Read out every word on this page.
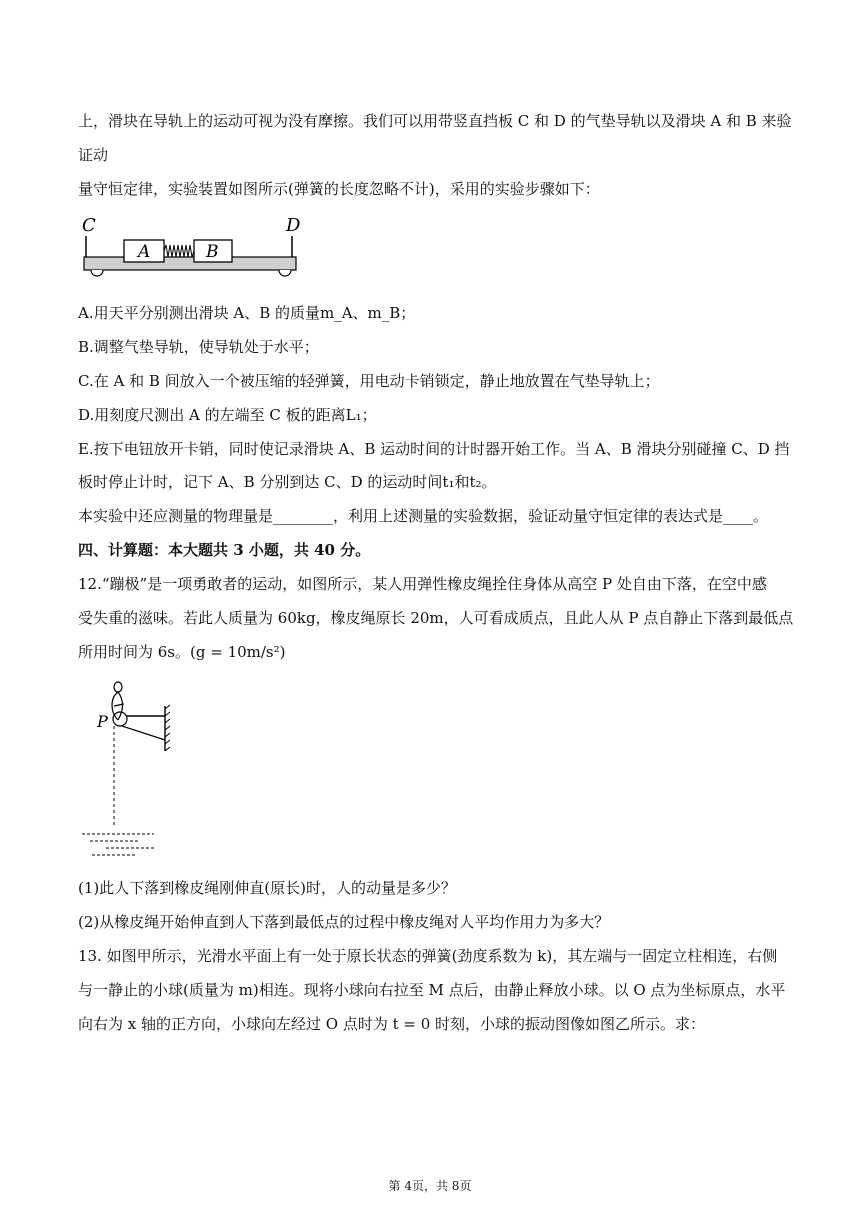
上，滑块在导轨上的运动可视为没有摩擦。我们可以用带竖直挡板 C 和 D 的气垫导轨以及滑块 A 和 B 来验
证动
量守恒定律，实验装置如图所示(弹簧的长度忽略不计)，采用的实验步骤如下：
C	D
A	B
A.用天平分别测出滑块 A、B 的质量m_A、m_B；
B.调整气垫导轨，使导轨处于水平；
C.在 A 和 B 间放入一个被压缩的轻弹簧，用电动卡销锁定，静止地放置在气垫导轨上；
D.用刻度尺测出 A 的左端至 C 板的距离L₁；
E.按下电钮放开卡销，同时使记录滑块 A、B 运动时间的计时器开始工作。当 A、B 滑块分别碰撞 C、D 挡
板时停止计时，记下 A、B 分别到达 C、D 的运动时间t₁和t₂。
本实验中还应测量的物理量是________，利用上述测量的实验数据，验证动量守恒定律的表达式是____。
四、计算题：本大题共 3 小题，共 40 分。
12.“蹦极”是一项勇敢者的运动，如图所示，某人用弹性橡皮绳拴住身体从高空 P 处自由下落，在空中感
受失重的滋味。若此人质量为 60kg，橡皮绳原长 20m，人可看成质点，且此人从 P 点自静止下落到最低点
所用时间为 6s。(g = 10m/s²)
P
(1)此人下落到橡皮绳刚伸直(原长)时，人的动量是多少？
(2)从橡皮绳开始伸直到人下落到最低点的过程中橡皮绳对人平均作用力为多大？
13. 如图甲所示，光滑水平面上有一处于原长状态的弹簧(劲度系数为 k)，其左端与一固定立柱相连，右侧
与一静止的小球(质量为 m)相连。现将小球向右拉至 M 点后，由静止释放小球。以 O 点为坐标原点，水平
向右为 x 轴的正方向，小球向左经过 O 点时为 t = 0 时刻，小球的振动图像如图乙所示。求：
第 4页，共 8页
